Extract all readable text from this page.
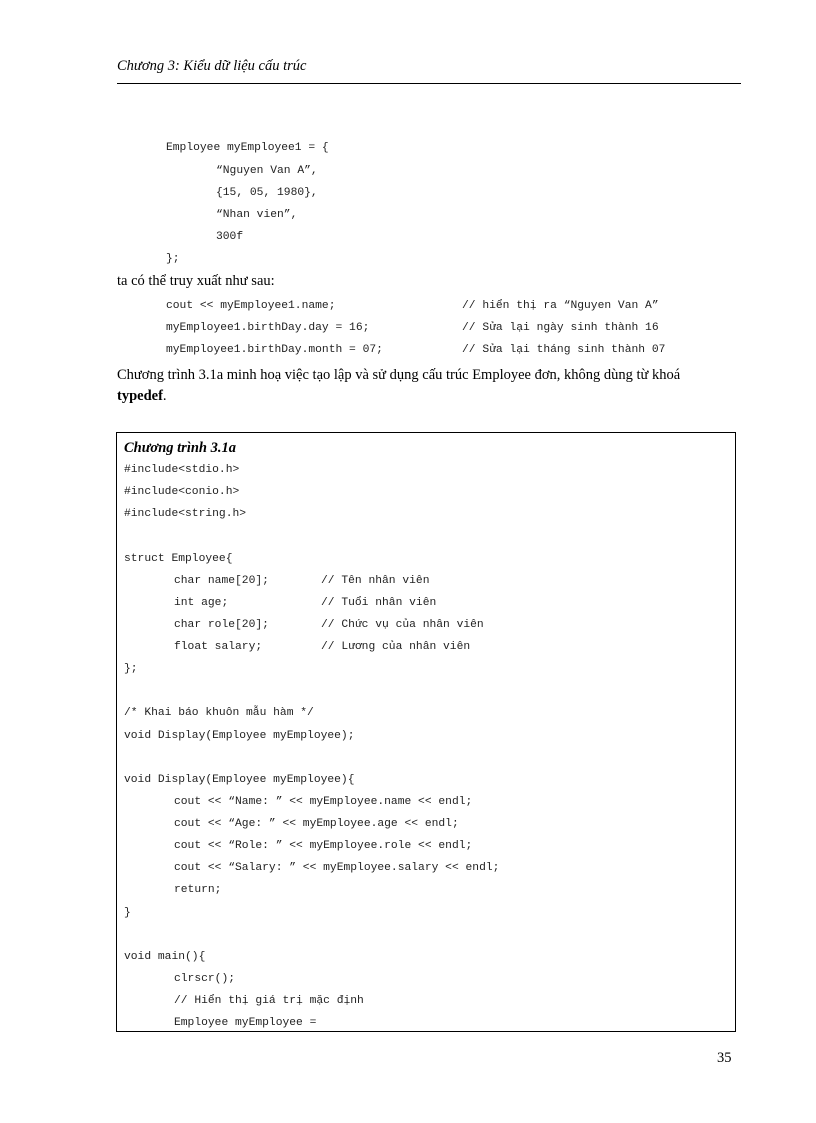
Chương 3: Kiểu dữ liệu cấu trúc
Employee myEmployee1 = {
“Nguyen Van A”,
{15, 05, 1980},
“Nhan vien”,
300f
};
ta có thể truy xuất như sau:
cout << myEmployee1.name;	// hiển thị ra “Nguyen Van A”
myEmployee1.birthDay.day = 16;	// Sửa lại ngày sinh thành 16
myEmployee1.birthDay.month = 07;	// Sửa lại tháng sinh thành 07
Chương trình 3.1a minh hoạ việc tạo lập và sử dụng cấu trúc Employee đơn, không dùng từ khoá
typedef.
Chương trình 3.1a
#include<stdio.h>
#include<conio.h>
#include<string.h>
struct Employee{
char name[20];	// Tên nhân viên
int age;	// Tuổi nhân viên
char role[20];	// Chức vụ của nhân viên
float salary;	// Lương của nhân viên
};
/* Khai báo khuôn mẫu hàm */
void Display(Employee myEmployee);
void Display(Employee myEmployee){
cout << “Name: ” << myEmployee.name << endl;
cout << “Age: ” << myEmployee.age << endl;
cout << “Role: ” << myEmployee.role << endl;
cout << “Salary: ” << myEmployee.salary << endl;
return;
}
void main(){
clrscr();
// Hiển thị giá trị mặc định
Employee myEmployee =
35
